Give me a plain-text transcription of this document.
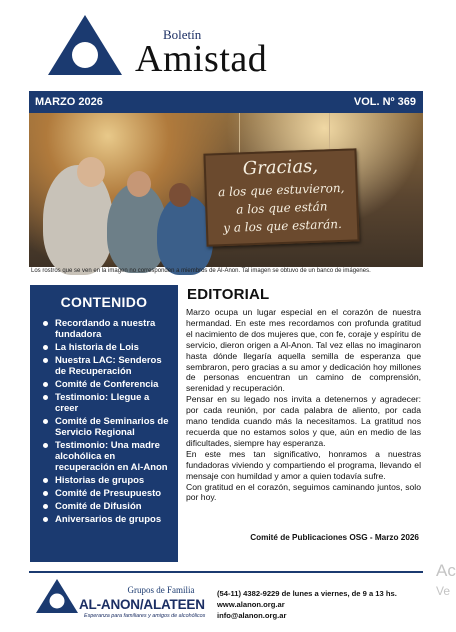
Boletín
Amistad
MARZO 2026	VOL. Nº 369
Gracias,
a los que estuvieron,
a los que están
y a los que estarán.
Los rostros que se ven en la imagen no corresponden a miembros de Al-Anon. Tal imagen se obtuvo de un banco de imágenes.
CONTENIDO
Recordando a nuestra fundadora
La historia de Lois
Nuestra LAC: Senderos de Recuperación
Comité de Conferencia
Testimonio: Llegue a creer
Comité de Seminarios de Servicio Regional
Testimonio: Una madre alcohólica en recuperación en Al-Anon
Historias de grupos
Comité de Presupuesto
Comité de Difusión
Aniversarios de grupos
EDITORIAL

Marzo ocupa un lugar especial en el corazón de nuestra hermandad. En este mes recordamos con profunda gratitud el nacimiento de dos mujeres que, con fe, coraje y espíritu de servicio, dieron origen a Al-Anon. Tal vez ellas no imaginaron hasta dónde llegaría aquella semilla de esperanza que sembraron, pero gracias a su amor y dedicación hoy millones de personas encuentran un camino de comprensión, serenidad y recuperación.

Pensar en su legado nos invita a detenernos y agradecer: por cada reunión, por cada palabra de aliento, por cada mano tendida cuando más la necesitamos. La gratitud nos recuerda que no estamos solos y que, aún en medio de las dificultades, siempre hay esperanza.

En este mes tan significativo, honramos a nuestras fundadoras viviendo y compartiendo el programa, llevando el mensaje con humildad y amor a quien todavía sufre.

Con gratitud en el corazón, seguimos caminando juntos, solo por hoy.

Comité de Publicaciones OSG - Marzo 2026
Grupos de Familia
AL-ANON/ALATEEN
Esperanza para familiares y amigos de alcohólicos
(54-11) 4382-9229 de lunes a viernes, de 9 a 13 hs.
www.alanon.org.ar
info@alanon.org.ar
Ac
Ve
